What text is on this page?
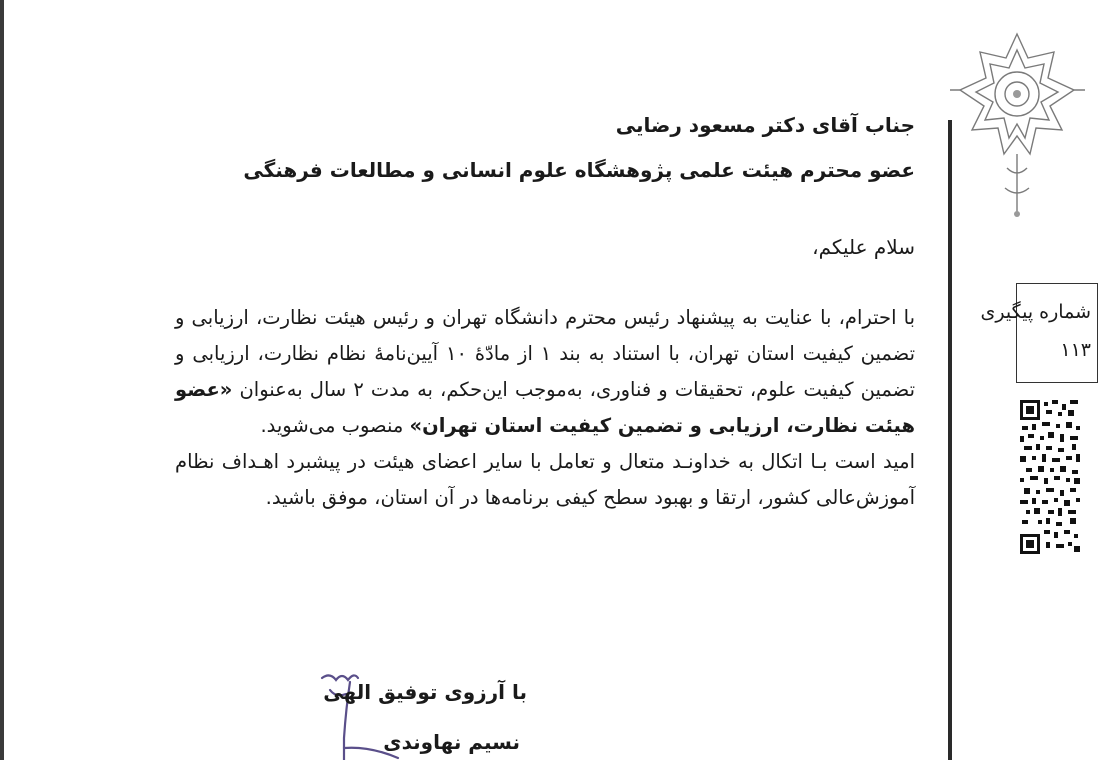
شماره پیگیری
۱۱۳
جناب آقای دکتر مسعود رضایی
عضو محترم هیئت علمی پژوهشگاه علوم انسانی و مطالعات فرهنگی
سلام علیکم،

با احترام، با عنایت به پیشنهاد رئیس محترم دانشگاه تهران و رئیس هیئت نظارت، ارزیابی و تضمین کیفیت استان تهران، با استناد به بند ۱ از مادّهٔ ۱۰ آیین‌نامهٔ نظام نظارت، ارزیابی و تضمین کیفیت علوم، تحقیقات و فناوری، به‌موجب این‌حکم، به مدت ۲ سال به‌عنوان «عضو هیئت نظارت، ارزیابی و تضمین کیفیت استان تهران» منصوب می‌شوید.

امید است بـا اتکال به خداونـد متعال و تعامل با سایر اعضای هیئت در پیشبرد اهـداف نظام آموزش‌عالی کشور، ارتقا و بهبود سطح کیفی برنامه‌ها در آن استان، موفق باشید.

با آرزوی توفیق الهی
نسیم نهاوندی
